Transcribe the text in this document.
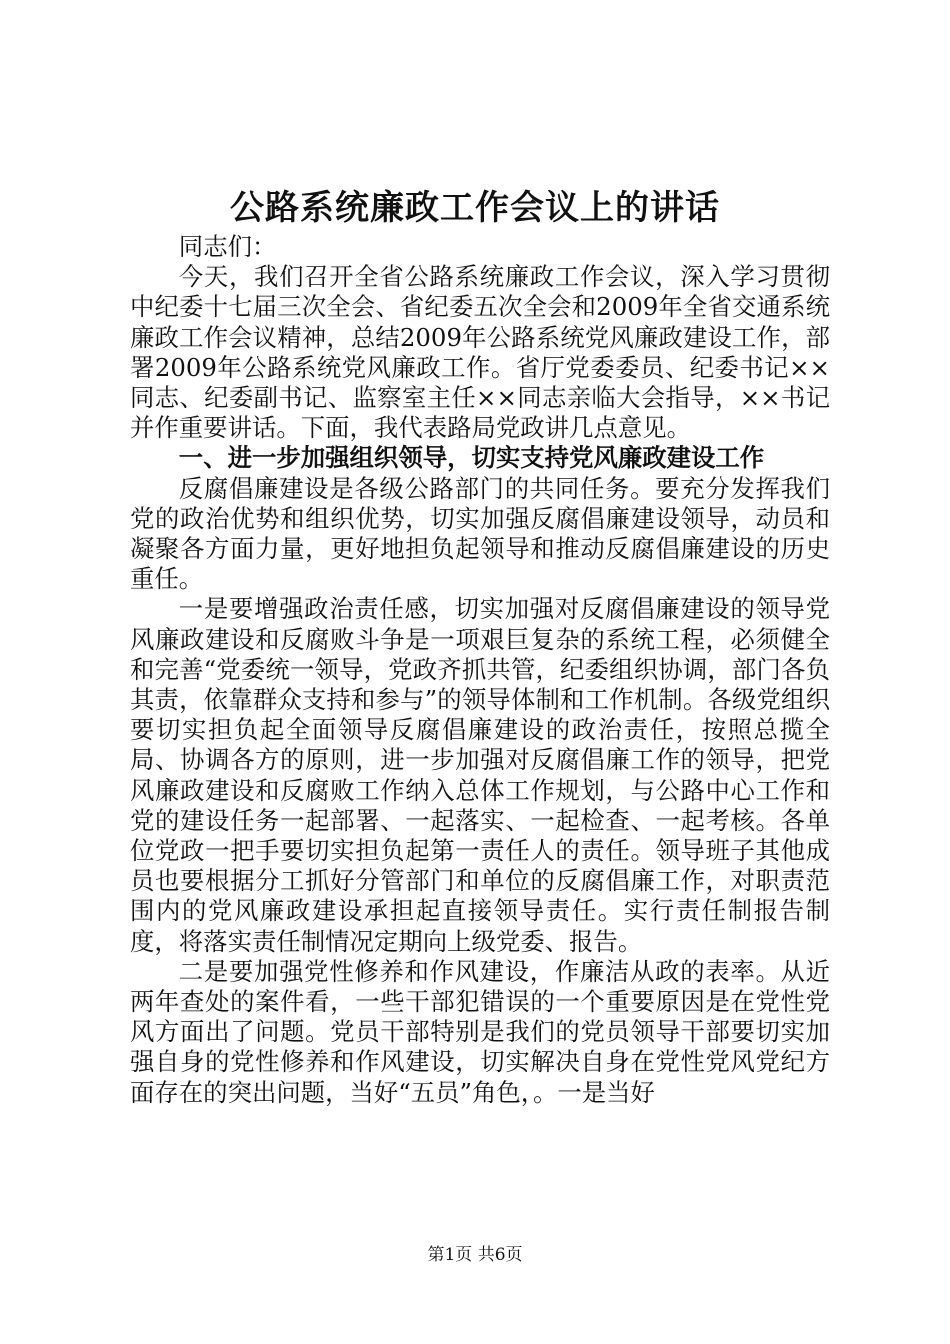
公路系统廉政工作会议上的讲话

同志们：

今天，我们召开全省公路系统廉政工作会议，深入学习贯彻中纪委十七届三次全会、省纪委五次全会和2009年全省交通系统廉政工作会议精神，总结2009年公路系统党风廉政建设工作，部署2009年公路系统党风廉政工作。省厅党委委员、纪委书记××同志、纪委副书记、监察室主任××同志亲临大会指导，××书记并作重要讲话。下面，我代表路局党政讲几点意见。

一、进一步加强组织领导，切实支持党风廉政建设工作

反腐倡廉建设是各级公路部门的共同任务。要充分发挥我们党的政治优势和组织优势，切实加强反腐倡廉建设领导，动员和凝聚各方面力量，更好地担负起领导和推动反腐倡廉建设的历史重任。

一是要增强政治责任感，切实加强对反腐倡廉建设的领导党风廉政建设和反腐败斗争是一项艰巨复杂的系统工程，必须健全和完善“党委统一领导，党政齐抓共管，纪委组织协调，部门各负其责，依靠群众支持和参与”的领导体制和工作机制。各级党组织要切实担负起全面领导反腐倡廉建设的政治责任，按照总揽全局、协调各方的原则，进一步加强对反腐倡廉工作的领导，把党风廉政建设和反腐败工作纳入总体工作规划，与公路中心工作和党的建设任务一起部署、一起落实、一起检查、一起考核。各单位党政一把手要切实担负起第一责任人的责任。领导班子其他成员也要根据分工抓好分管部门和单位的反腐倡廉工作，对职责范围内的党风廉政建设承担起直接领导责任。实行责任制报告制度，将落实责任制情况定期向上级党委、报告。

二是要加强党性修养和作风建设，作廉洁从政的表率。从近两年查处的案件看，一些干部犯错误的一个重要原因是在党性党风方面出了问题。党员干部特别是我们的党员领导干部要切实加强自身的党性修养和作风建设，切实解决自身在党性党风党纪方面存在的突出问题，当好“五员”角色，。一是当好

第1页 共6页
